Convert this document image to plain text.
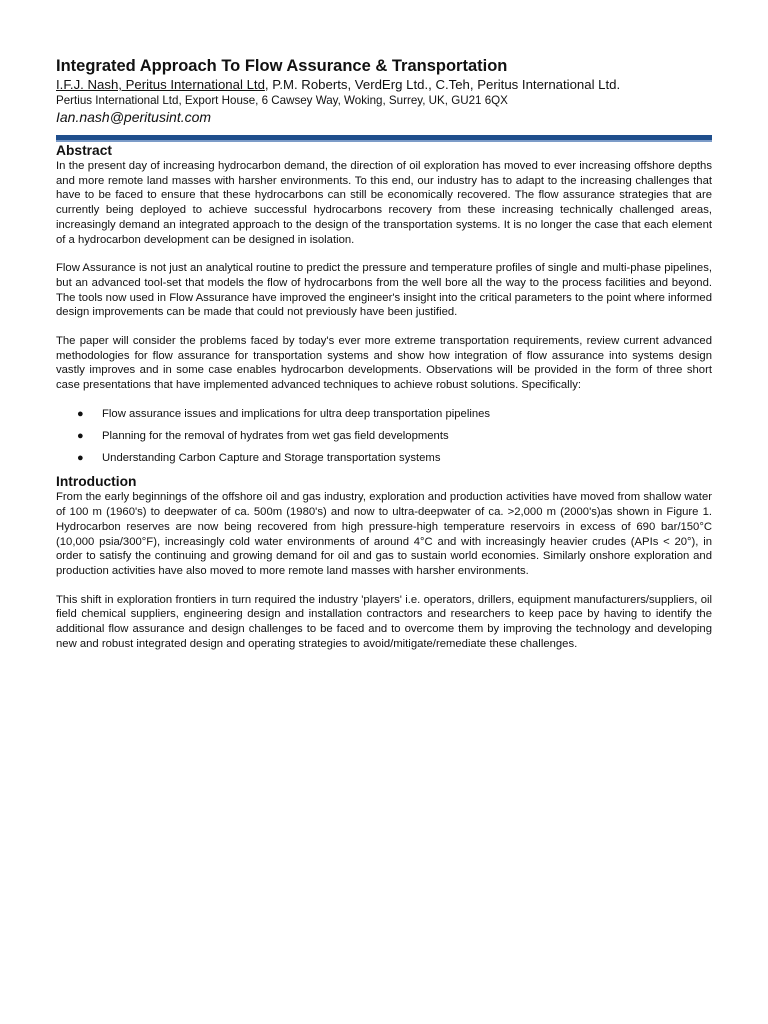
Integrated Approach To Flow Assurance & Transportation

I.F.J. Nash, Peritus International Ltd, P.M. Roberts, VerdErg Ltd., C.Teh, Peritus International Ltd.

Pertius International Ltd, Export House, 6 Cawsey Way, Woking, Surrey, UK, GU21 6QX

Ian.nash@peritusint.com

Abstract

In the present day of increasing hydrocarbon demand, the direction of oil exploration has moved to ever increasing offshore depths and more remote land masses with harsher environments. To this end, our industry has to adapt to the increasing challenges that have to be faced to ensure that these hydrocarbons can still be economically recovered. The flow assurance strategies that are currently being deployed to achieve successful hydrocarbons recovery from these increasing technically challenged areas, increasingly demand an integrated approach to the design of the transportation systems. It is no longer the case that each element of a hydrocarbon development can be designed in isolation.

Flow Assurance is not just an analytical routine to predict the pressure and temperature profiles of single and multi-phase pipelines, but an advanced tool-set that models the flow of hydrocarbons from the well bore all the way to the process facilities and beyond. The tools now used in Flow Assurance have improved the engineer's insight into the critical parameters to the point where informed design improvements can be made that could not previously have been justified.

The paper will consider the problems faced by today's ever more extreme transportation requirements, review current advanced methodologies for flow assurance for transportation systems and show how integration of flow assurance into systems design vastly improves and in some case enables hydrocarbon developments. Observations will be provided in the form of three short case presentations that have implemented advanced techniques to achieve robust solutions. Specifically:

● Flow assurance issues and implications for ultra deep transportation pipelines
● Planning for the removal of hydrates from wet gas field developments
● Understanding Carbon Capture and Storage transportation systems
Introduction

From the early beginnings of the offshore oil and gas industry, exploration and production activities have moved from shallow water of 100 m (1960's) to deepwater of ca. 500m (1980's) and now to ultra-deepwater of ca. >2,000 m (2000's)as shown in Figure 1. Hydrocarbon reserves are now being recovered from high pressure-high temperature reservoirs in excess of 690 bar/150°C (10,000 psia/300°F), increasingly cold water environments of around 4°C and with increasingly heavier crudes (APIs < 20°), in order to satisfy the continuing and growing demand for oil and gas to sustain world economies. Similarly onshore exploration and production activities have also moved to more remote land masses with harsher environments.

This shift in exploration frontiers in turn required the industry 'players' i.e. operators, drillers, equipment manufacturers/suppliers, oil field chemical suppliers, engineering design and installation contractors and researchers to keep pace by having to identify the additional flow assurance and design challenges to be faced and to overcome them by improving the technology and developing new and robust integrated design and operating strategies to avoid/mitigate/remediate these challenges.
